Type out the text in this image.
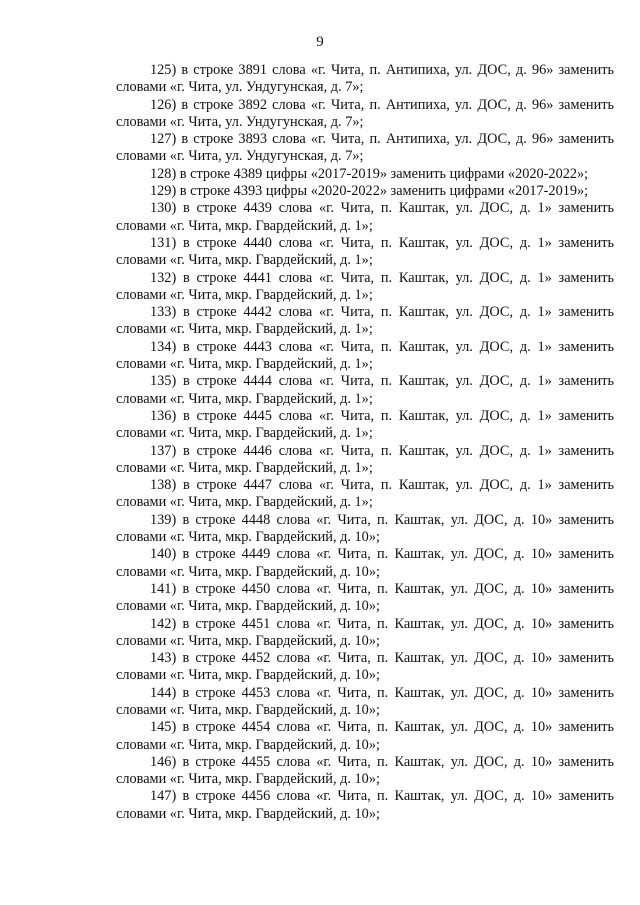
9

125) в строке 3891 слова «г. Чита, п. Антипиха, ул. ДОС, д. 96» заменить словами «г. Чита, ул. Ундугунская, д. 7»;

126) в строке 3892 слова «г. Чита, п. Антипиха, ул. ДОС, д. 96» заменить словами «г. Чита, ул. Ундугунская, д. 7»;

127) в строке 3893 слова «г. Чита, п. Антипиха, ул. ДОС, д. 96» заменить словами «г. Чита, ул. Ундугунская, д. 7»;

128) в строке 4389 цифры «2017-2019» заменить цифрами «2020-2022»;

129) в строке 4393 цифры «2020-2022» заменить цифрами «2017-2019»;

130) в строке 4439 слова «г. Чита, п. Каштак, ул. ДОС, д. 1» заменить словами «г. Чита, мкр. Гвардейский, д. 1»;

131) в строке 4440 слова «г. Чита, п. Каштак, ул. ДОС, д. 1» заменить словами «г. Чита, мкр. Гвардейский, д. 1»;

132) в строке 4441 слова «г. Чита, п. Каштак, ул. ДОС, д. 1» заменить словами «г. Чита, мкр. Гвардейский, д. 1»;

133) в строке 4442 слова «г. Чита, п. Каштак, ул. ДОС, д. 1» заменить словами «г. Чита, мкр. Гвардейский, д. 1»;

134) в строке 4443 слова «г. Чита, п. Каштак, ул. ДОС, д. 1» заменить словами «г. Чита, мкр. Гвардейский, д. 1»;

135) в строке 4444 слова «г. Чита, п. Каштак, ул. ДОС, д. 1» заменить словами «г. Чита, мкр. Гвардейский, д. 1»;

136) в строке 4445 слова «г. Чита, п. Каштак, ул. ДОС, д. 1» заменить словами «г. Чита, мкр. Гвардейский, д. 1»;

137) в строке 4446 слова «г. Чита, п. Каштак, ул. ДОС, д. 1» заменить словами «г. Чита, мкр. Гвардейский, д. 1»;

138) в строке 4447 слова «г. Чита, п. Каштак, ул. ДОС, д. 1» заменить словами «г. Чита, мкр. Гвардейский, д. 1»;

139) в строке 4448 слова «г. Чита, п. Каштак, ул. ДОС, д. 10» заменить словами «г. Чита, мкр. Гвардейский, д. 10»;

140) в строке 4449 слова «г. Чита, п. Каштак, ул. ДОС, д. 10» заменить словами «г. Чита, мкр. Гвардейский, д. 10»;

141) в строке 4450 слова «г. Чита, п. Каштак, ул. ДОС, д. 10» заменить словами «г. Чита, мкр. Гвардейский, д. 10»;

142) в строке 4451 слова «г. Чита, п. Каштак, ул. ДОС, д. 10» заменить словами «г. Чита, мкр. Гвардейский, д. 10»;

143) в строке 4452 слова «г. Чита, п. Каштак, ул. ДОС, д. 10» заменить словами «г. Чита, мкр. Гвардейский, д. 10»;

144) в строке 4453 слова «г. Чита, п. Каштак, ул. ДОС, д. 10» заменить словами «г. Чита, мкр. Гвардейский, д. 10»;

145) в строке 4454 слова «г. Чита, п. Каштак, ул. ДОС, д. 10» заменить словами «г. Чита, мкр. Гвардейский, д. 10»;

146) в строке 4455 слова «г. Чита, п. Каштак, ул. ДОС, д. 10» заменить словами «г. Чита, мкр. Гвардейский, д. 10»;

147) в строке 4456 слова «г. Чита, п. Каштак, ул. ДОС, д. 10» заменить словами «г. Чита, мкр. Гвардейский, д. 10»;
